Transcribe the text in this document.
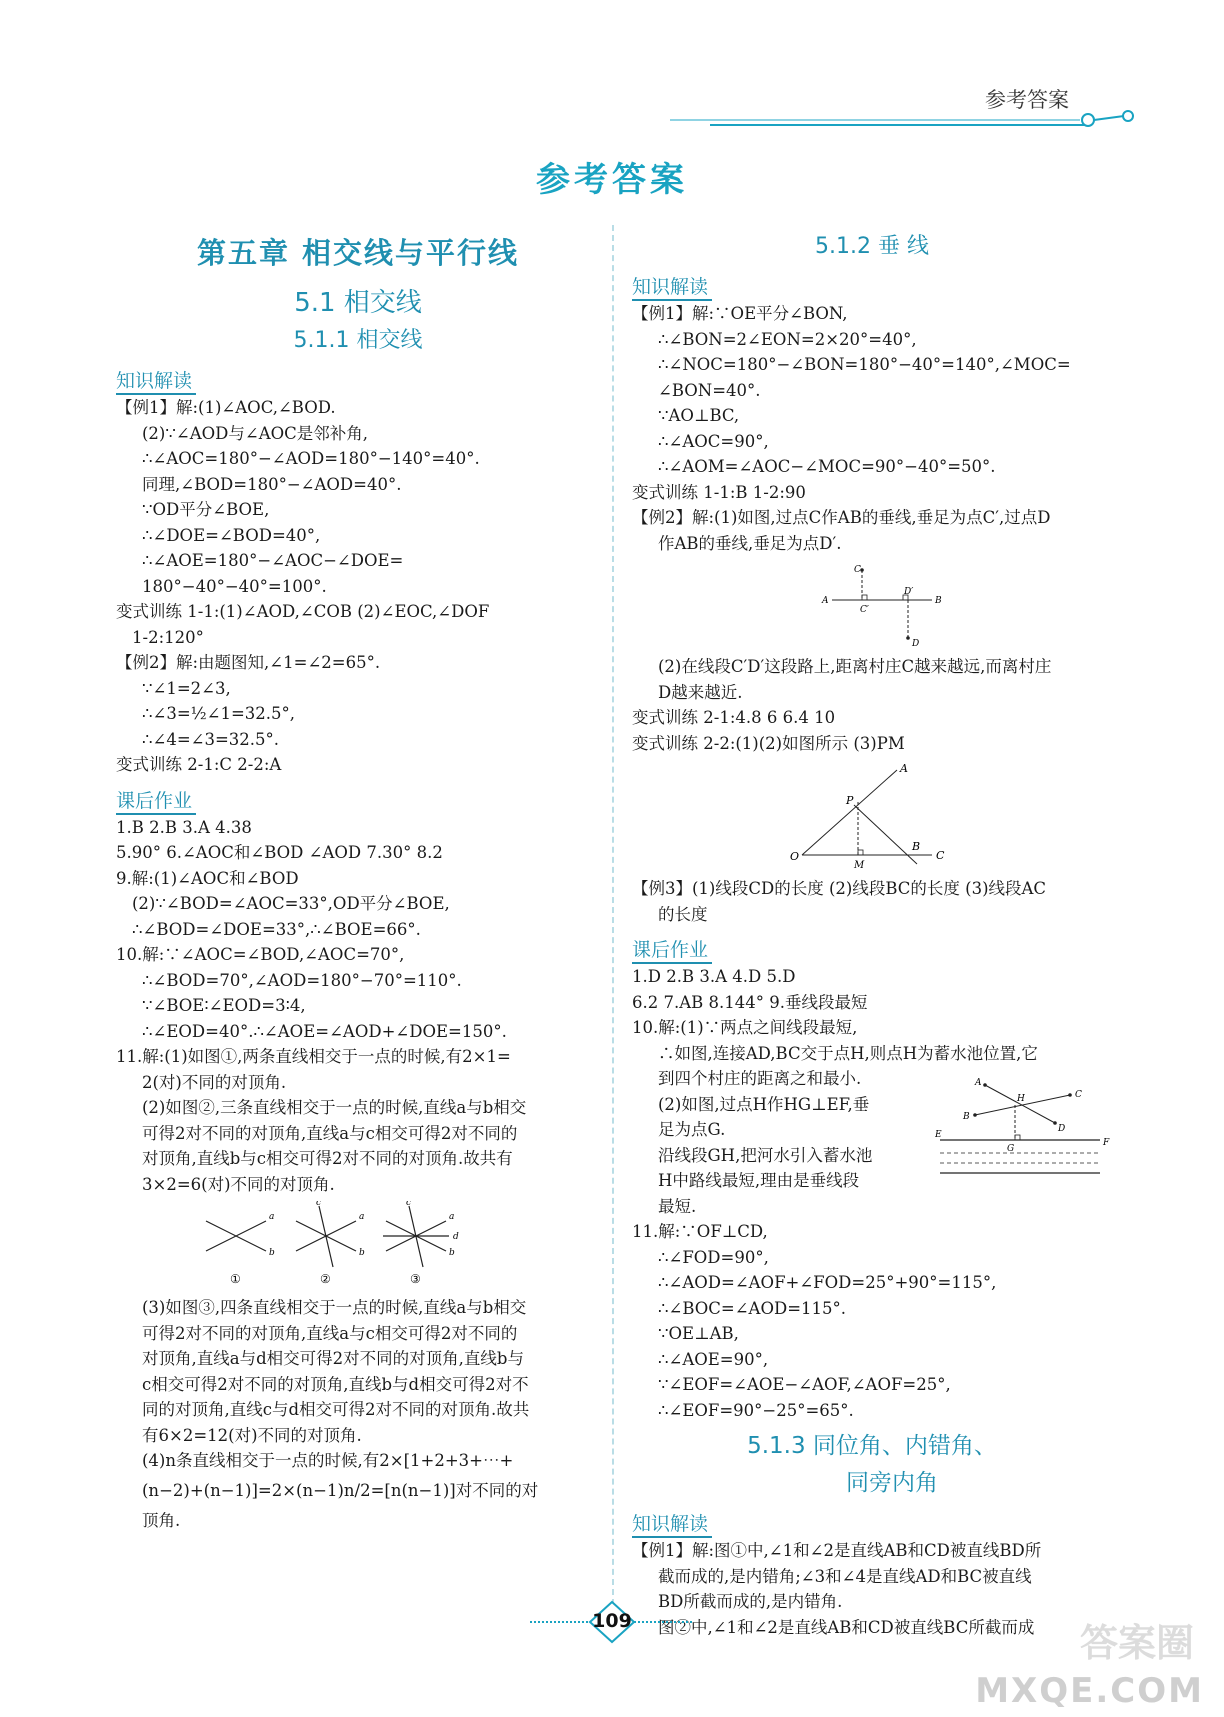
参考答案
参考答案
第五章 相交线与平行线
5.1 相交线
5.1.1 相交线
知识解读
【例1】解:(1)∠AOC,∠BOD.
(2)∵∠AOD与∠AOC是邻补角,
∴∠AOC=180°−∠AOD=180°−140°=40°.
同理,∠BOD=180°−∠AOD=40°.
∵OD平分∠BOE,
∴∠DOE=∠BOD=40°,
∴∠AOE=180°−∠AOC−∠DOE=
180°−40°−40°=100°.
变式训练 1-1:(1)∠AOD,∠COB (2)∠EOC,∠DOF
1-2:120°
【例2】解:由题图知,∠1=∠2=65°.
∵∠1=2∠3,
∴∠3=½∠1=32.5°,
∴∠4=∠3=32.5°.
变式训练 2-1:C 2-2:A
课后作业
1.B 2.B 3.A 4.38
5.90° 6.∠AOC和∠BOD ∠AOD 7.30° 8.2
9.解:(1)∠AOC和∠BOD
(2)∵∠BOD=∠AOC=33°,OD平分∠BOE,
∴∠BOD=∠DOE=33°,∴∠BOE=66°.
10.解:∵∠AOC=∠BOD,∠AOC=70°,
∴∠BOD=70°,∠AOD=180°−70°=110°.
∵∠BOE∶∠EOD=3∶4,
∴∠EOD=40°.∴∠AOE=∠AOD+∠DOE=150°.
11.解:(1)如图①,两条直线相交于一点的时候,有2×1=
2(对)不同的对顶角.
(2)如图②,三条直线相交于一点的时候,直线a与b相交
可得2对不同的对顶角,直线a与c相交可得2对不同的
对顶角,直线b与c相交可得2对不同的对顶角.故共有
3×2=6(对)不同的对顶角.
a
b
①
c
a
b
②
c
a
d
b
③
(3)如图③,四条直线相交于一点的时候,直线a与b相交
可得2对不同的对顶角,直线a与c相交可得2对不同的
对顶角,直线a与d相交可得2对不同的对顶角,直线b与
c相交可得2对不同的对顶角,直线b与d相交可得2对不
同的对顶角,直线c与d相交可得2对不同的对顶角.故共
有6×2=12(对)不同的对顶角.
(4)n条直线相交于一点的时候,有2×[1+2+3+⋯+
(n−2)+(n−1)]=2×(n−1)n/2=[n(n−1)]对不同的对
顶角.
5.1.2 垂 线
知识解读
【例1】解:∵OE平分∠BON,
∴∠BON=2∠EON=2×20°=40°,
∴∠NOC=180°−∠BON=180°−40°=140°,∠MOC=
∠BON=40°.
∵AO⊥BC,
∴∠AOC=90°,
∴∠AOM=∠AOC−∠MOC=90°−40°=50°.
变式训练 1-1:B 1-2:90
【例2】解:(1)如图,过点C作AB的垂线,垂足为点C′,过点D
作AB的垂线,垂足为点D′.
A	B
C
D
C′
D′
(2)在线段C′D′这段路上,距离村庄C越来越远,而离村庄
D越来越近.
变式训练 2-1:4.8 6 6.4 10
变式训练 2-2:(1)(2)如图所示 (3)PM
O
A
P
M
B
C
【例3】(1)线段CD的长度 (2)线段BC的长度 (3)线段AC
的长度
课后作业
1.D 2.B 3.A 4.D 5.D
6.2 7.AB 8.144° 9.垂线段最短
10.解:(1)∵两点之间线段最短,
∴如图,连接AD,BC交于点H,则点H为蓄水池位置,它
到四个村庄的距离之和最小.
(2)如图,过点H作HG⊥EF,垂
足为点G.
沿线段GH,把河水引入蓄水池
H中路线最短,理由是垂线段
最短.
11.解:∵OF⊥CD,
∴∠FOD=90°,
∴∠AOD=∠AOF+∠FOD=25°+90°=115°,
∴∠BOC=∠AOD=115°.
∵OE⊥AB,
∴∠AOE=90°,
∵∠EOF=∠AOE−∠AOF,∠AOF=25°,
∴∠EOF=90°−25°=65°.
5.1.3 同位角、内错角、
同旁内角
知识解读
【例1】解:图①中,∠1和∠2是直线AB和CD被直线BD所
截而成的,是内错角;∠3和∠4是直线AD和BC被直线
BD所截而成的,是内错角.
图②中,∠1和∠2是直线AB和CD被直线BC所截而成
A
B
C
D
H
G
E
F
109	答案圈
MXQE.COM
